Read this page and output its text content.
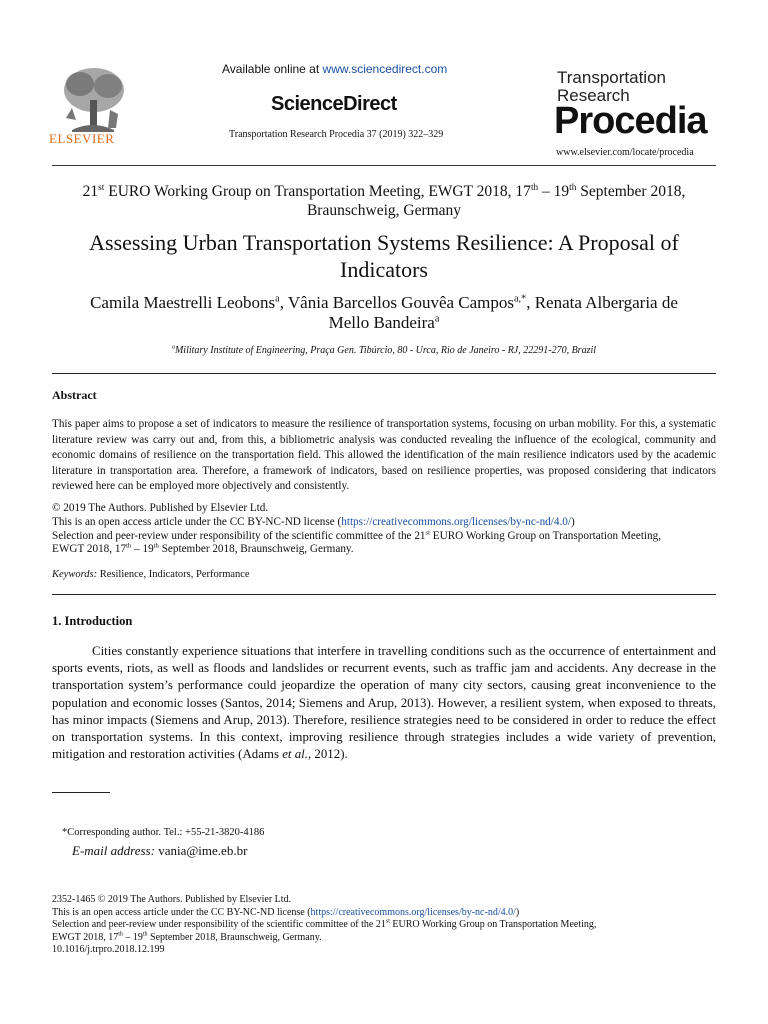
ELSEVIER
Available online at www.sciencedirect.com
ScienceDirect
Transportation Research Procedia 37 (2019) 322–329
Transportation
Research
Procedia
www.elsevier.com/locate/procedia
21st EURO Working Group on Transportation Meeting, EWGT 2018, 17th – 19th September 2018,
Braunschweig, Germany
Assessing Urban Transportation Systems Resilience: A Proposal of
Indicators
Camila Maestrelli Leobons$^a$, Vânia Barcellos Gouvêa Campos$^{a,*}$, Renata Albergaria de
Mello Bandeira$^a$
$^a$Military Institute of Engineering, Praça Gen. Tibúrcio, 80 - Urca, Rio de Janeiro - RJ, 22291-270, Brazil
Abstract
This paper aims to propose a set of indicators to measure the resilience of transportation systems, focusing on urban mobility. For this, a systematic literature review was carry out and, from this, a bibliometric analysis was conducted revealing the influence of the ecological, community and economic domains of resilience on the transportation field. This allowed the identification of the main resilience indicators used by the academic literature in transportation area. Therefore, a framework of indicators, based on resilience properties, was proposed considering that indicators reviewed here can be employed more objectively and consistently.
© 2019 The Authors. Published by Elsevier Ltd.
This is an open access article under the CC BY-NC-ND license (https://creativecommons.org/licenses/by-nc-nd/4.0/)
Selection and peer-review under responsibility of the scientific committee of the 21st EURO Working Group on Transportation Meeting,
EWGT 2018, 17th – 19th September 2018, Braunschweig, Germany.
Keywords: Resilience, Indicators, Performance
1. Introduction
Cities constantly experience situations that interfere in travelling conditions such as the occurrence of entertainment and sports events, riots, as well as floods and landslides or recurrent events, such as traffic jam and accidents. Any decrease in the transportation system’s performance could jeopardize the operation of many city sectors, causing great inconvenience to the population and economic losses (Santos, 2014; Siemens and Arup, 2013). However, a resilient system, when exposed to threats, has minor impacts (Siemens and Arup, 2013). Therefore, resilience strategies need to be considered in order to reduce the effect on transportation systems. In this context, improving resilience through strategies includes a wide variety of prevention, mitigation and restoration activities (Adams et al., 2012).
*Corresponding author. Tel.: +55-21-3820-4186
E-mail address: vania@ime.eb.br
2352-1465 © 2019 The Authors. Published by Elsevier Ltd.
This is an open access article under the CC BY-NC-ND license (https://creativecommons.org/licenses/by-nc-nd/4.0/)
Selection and peer-review under responsibility of the scientific committee of the 21st EURO Working Group on Transportation Meeting,
EWGT 2018, 17th – 19th September 2018, Braunschweig, Germany.
10.1016/j.trpro.2018.12.199
